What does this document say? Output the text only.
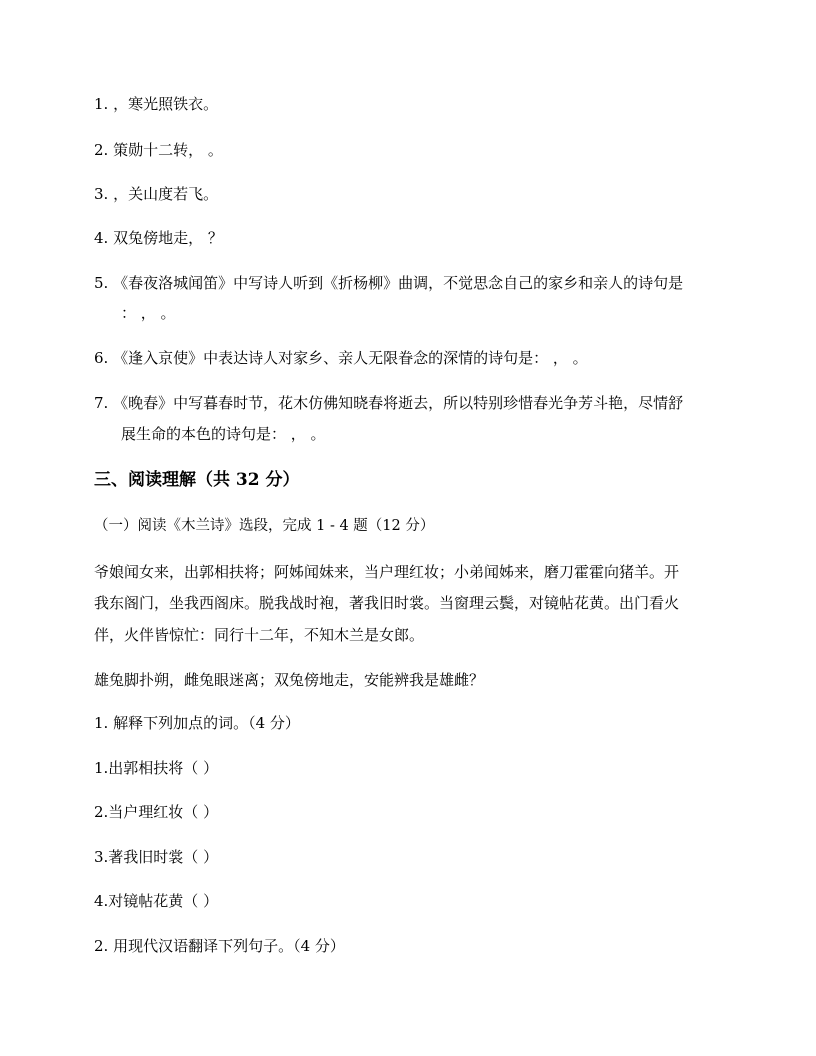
1. ，寒光照铁衣。
2. 策勋十二转， 。
3. ，关山度若飞。
4. 双兔傍地走， ？
5. 《春夜洛城闻笛》中写诗人听到《折杨柳》曲调，不觉思念自己的家乡和亲人的诗句是
： ， 。
6. 《逢入京使》中表达诗人对家乡、亲人无限眷念的深情的诗句是： ， 。
7. 《晚春》中写暮春时节，花木仿佛知晓春将逝去，所以特别珍惜春光争芳斗艳，尽情舒
展生命的本色的诗句是： ， 。
三、阅读理解（共 32 分）
（一）阅读《木兰诗》选段，完成 1 - 4 题（12 分）
爷娘闻女来，出郭相扶将；阿姊闻妹来，当户理红妆；小弟闻姊来，磨刀霍霍向猪羊。开
我东阁门，坐我西阁床。脱我战时袍，著我旧时裳。当窗理云鬓，对镜帖花黄。出门看火
伴，火伴皆惊忙：同行十二年，不知木兰是女郎。
雄兔脚扑朔，雌兔眼迷离；双兔傍地走，安能辨我是雄雌？
1. 解释下列加点的词。（4 分）
1.出郭相扶将（ ）
2.当户理红妆（ ）
3.著我旧时裳（ ）
4.对镜帖花黄（ ）
2. 用现代汉语翻译下列句子。（4 分）
